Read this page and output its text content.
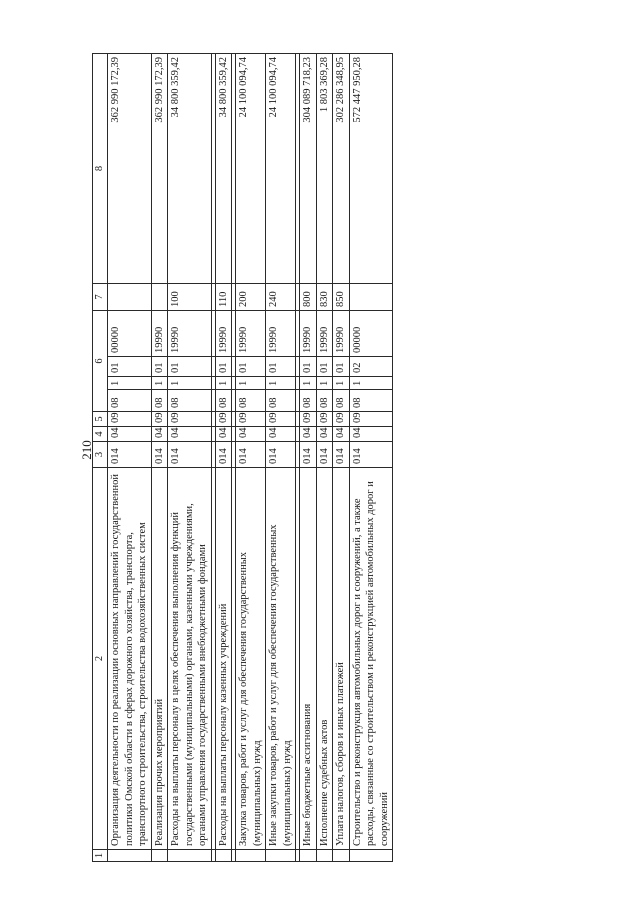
210
1	2	3	4	5	6				7	8
	Организация деятельности по реализации основных направлений государственной политики Омской области в сферах дорожного хозяйства, транспорта, транспортного строительства, строительства водохозяйственных систем	014	04	09	08	1	01	00000		362 990 172,39
	Реализация прочих мероприятий	014	04	09	08	1	01	19990		362 990 172,39
	Расходы на выплаты персоналу в целях обеспечения выполнения функций государственными (муниципальными) органами, казенными учреждениями, органами управления государственными внебюджетными фондами	014	04	09	08	1	01	19990	100	34 800 359,42

	Расходы на выплаты персоналу казенных учреждений	014	04	09	08	1	01	19990	110	34 800 359,42

	Закупка товаров, работ и услуг для обеспечения государственных (муниципальных) нужд	014	04	09	08	1	01	19990	200	24 100 094,74
	Иные закупки товаров, работ и услуг для обеспечения государственных (муниципальных) нужд	014	04	09	08	1	01	19990	240	24 100 094,74

	Иные бюджетные ассигнования	014	04	09	08	1	01	19990	800	304 089 718,23
	Исполнение судебных актов	014	04	09	08	1	01	19990	830	1 803 369,28
	Уплата налогов, сборов и иных платежей	014	04	09	08	1	01	19990	850	302 286 348,95
	Строительство и реконструкция автомобильных дорог и сооружений, а также расходы, связанные со строительством и реконструкцией автомобильных дорог и сооружений	014	04	09	08	1	02	00000		572 447 950,28
